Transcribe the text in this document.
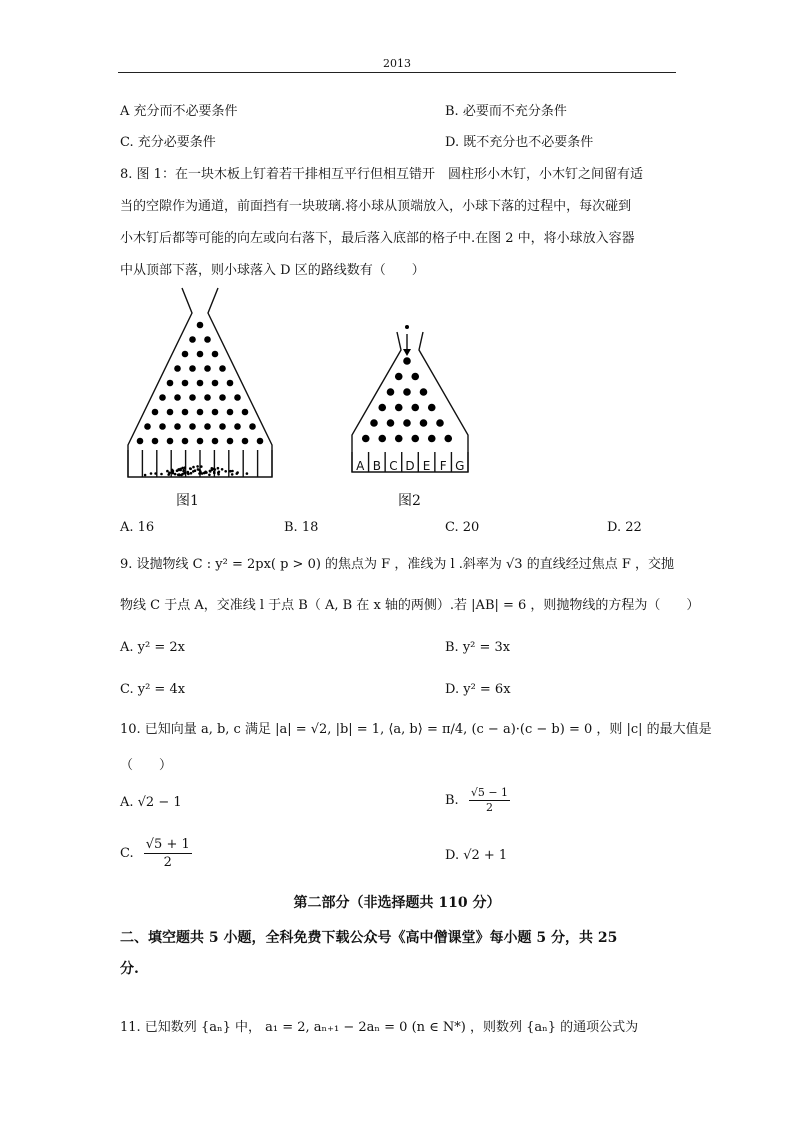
2013
A 充分而不必要条件	B. 必要而不充分条件
C. 充分必要条件	D. 既不充分也不必要条件
8. 图 1：在一块木板上钉着若干排相互平行但相互错开　圆柱形小木钉，小木钉之间留有适
当的空隙作为通道，前面挡有一块玻璃.将小球从顶端放入，小球下落的过程中，每次碰到
小木钉后都等可能的向左或向右落下，最后落入底部的格子中.在图 2 中，将小球放入容器
中从顶部下落，则小球落入 D 区的路线数有（　　）
图1
A B C D E F G
图2
A. 16	B. 18	C. 20	D. 22
9. 设抛物线 C : y² = 2px( p > 0) 的焦点为 F ，准线为 l .斜率为 √3 的直线经过焦点 F ，交抛
物线 C 于点 A，交准线 l 于点 B（ A, B 在 x 轴的两侧）.若 |AB| = 6 ，则抛物线的方程为（　　）
A. y² = 2x	B. y² = 3x
C. y² = 4x	D. y² = 6x
10. 已知向量 a, b, c 满足 |a| = √2, |b| = 1, ⟨a, b⟩ = π/4, (c − a)·(c − b) = 0 ，则 |c| 的最大值是
（　　）
A. √2 − 1	B. $\frac{√5 - 1}{2}$
C. $\frac{√5 + 1}{2}$	D. √2 + 1
第二部分（非选择题共 110 分）
二、填空题共 5 小题，全科免费下载公众号《高中僧课堂》每小题 5 分，共 25
分.
11. 已知数列 {aₙ} 中， a₁ = 2, aₙ₊₁ − 2aₙ = 0 (n ∈ N*) ，则数列 {aₙ} 的通项公式为
